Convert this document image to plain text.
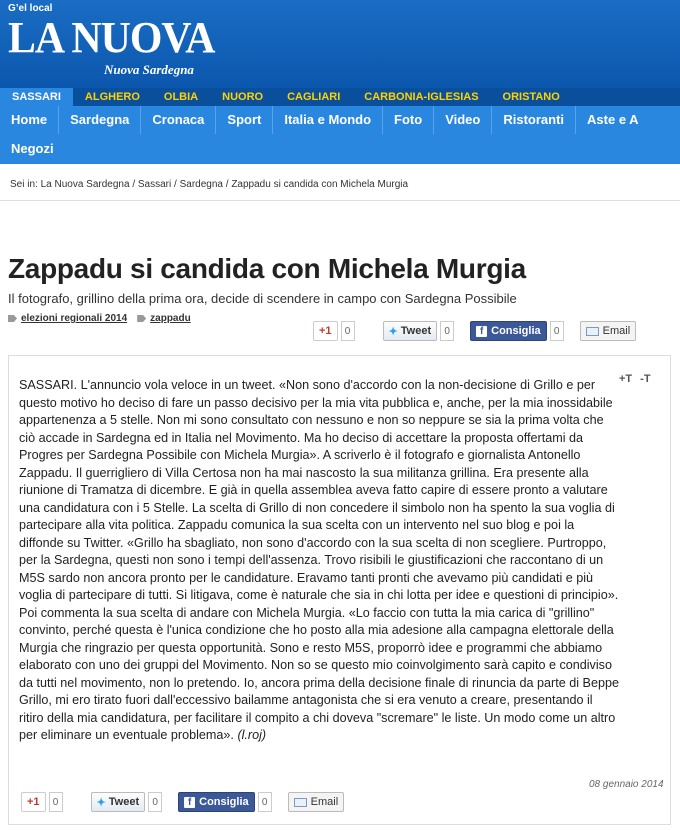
G’el local
LA NUOVA
Nuova Sardegna
SASSARI	ALGHERO	OLBIA	NUORO	CAGLIARI	CARBONIA-IGLESIAS	ORISTANO
Home	Sardegna	Cronaca	Sport	Italia e Mondo	Foto	Video	Ristoranti	Aste e A
Negozi
Sei in: La Nuova Sardegna / Sassari / Sardegna / Zappadu si candida con Michela Murgia
Zappadu si candida con Michela Murgia
Il fotografo, grillino della prima ora, decide di scendere in campo con Sardegna Possibile
elezioni regionali 2014 zappadu
+1	0	✦ Tweet	0	f Consiglia	0	Email
+T -T
SASSARI. L'annuncio vola veloce in un tweet. «Non sono d'accordo con la non-decisione di Grillo e per questo motivo ho deciso di fare un passo decisivo per la mia vita pubblica e, anche, per la mia inossidabile appartenenza a 5 stelle. Non mi sono consultato con nessuno e non so neppure se sia la prima volta che ciò accade in Sardegna ed in Italia nel Movimento. Ma ho deciso di accettare la proposta offertami da Progres per Sardegna Possibile con Michela Murgia». A scriverlo è il fotografo e giornalista Antonello Zappadu. Il guerrigliero di Villa Certosa non ha mai nascosto la sua militanza grillina. Era presente alla riunione di Tramatza di dicembre. E già in quella assemblea aveva fatto capire di essere pronto a valutare una candidatura con i 5 Stelle. La scelta di Grillo di non concedere il simbolo non ha spento la sua voglia di partecipare alla vita politica. Zappadu comunica la sua scelta con un intervento nel suo blog e poi la diffonde su Twitter. «Grillo ha sbagliato, non sono d'accordo con la sua scelta di non scegliere. Purtroppo, per la Sardegna, questi non sono i tempi dell'assenza. Trovo risibili le giustificazioni che raccontano di un M5S sardo non ancora pronto per le candidature. Eravamo tanti pronti che avevamo più candidati e più voglia di partecipare di tutti. Si litigava, come è naturale che sia in chi lotta per idee e questioni di principio». Poi commenta la sua scelta di andare con Michela Murgia. «Lo faccio con tutta la mia carica di "grillino" convinto, perché questa è l'unica condizione che ho posto alla mia adesione alla campagna elettorale della Murgia che ringrazio per questa opportunità. Sono e resto M5S, proporrò idee e programmi che abbiamo elaborato con uno dei gruppi del Movimento. Non so se questo mio coinvolgimento sarà capito e condiviso da tutti nel movimento, non lo pretendo. Io, ancora prima della decisione finale di rinuncia da parte di Beppe Grillo, mi ero tirato fuori dall'eccessivo bailamme antagonista che si era venuto a creare, presentando il ritiro della mia candidatura, per facilitare il compito a chi doveva "scremare" le liste. Un modo come un altro per eliminare un eventuale problema». (l.roj)
08 gennaio 2014
+1	0	✦ Tweet	0	f Consiglia	0	Email
